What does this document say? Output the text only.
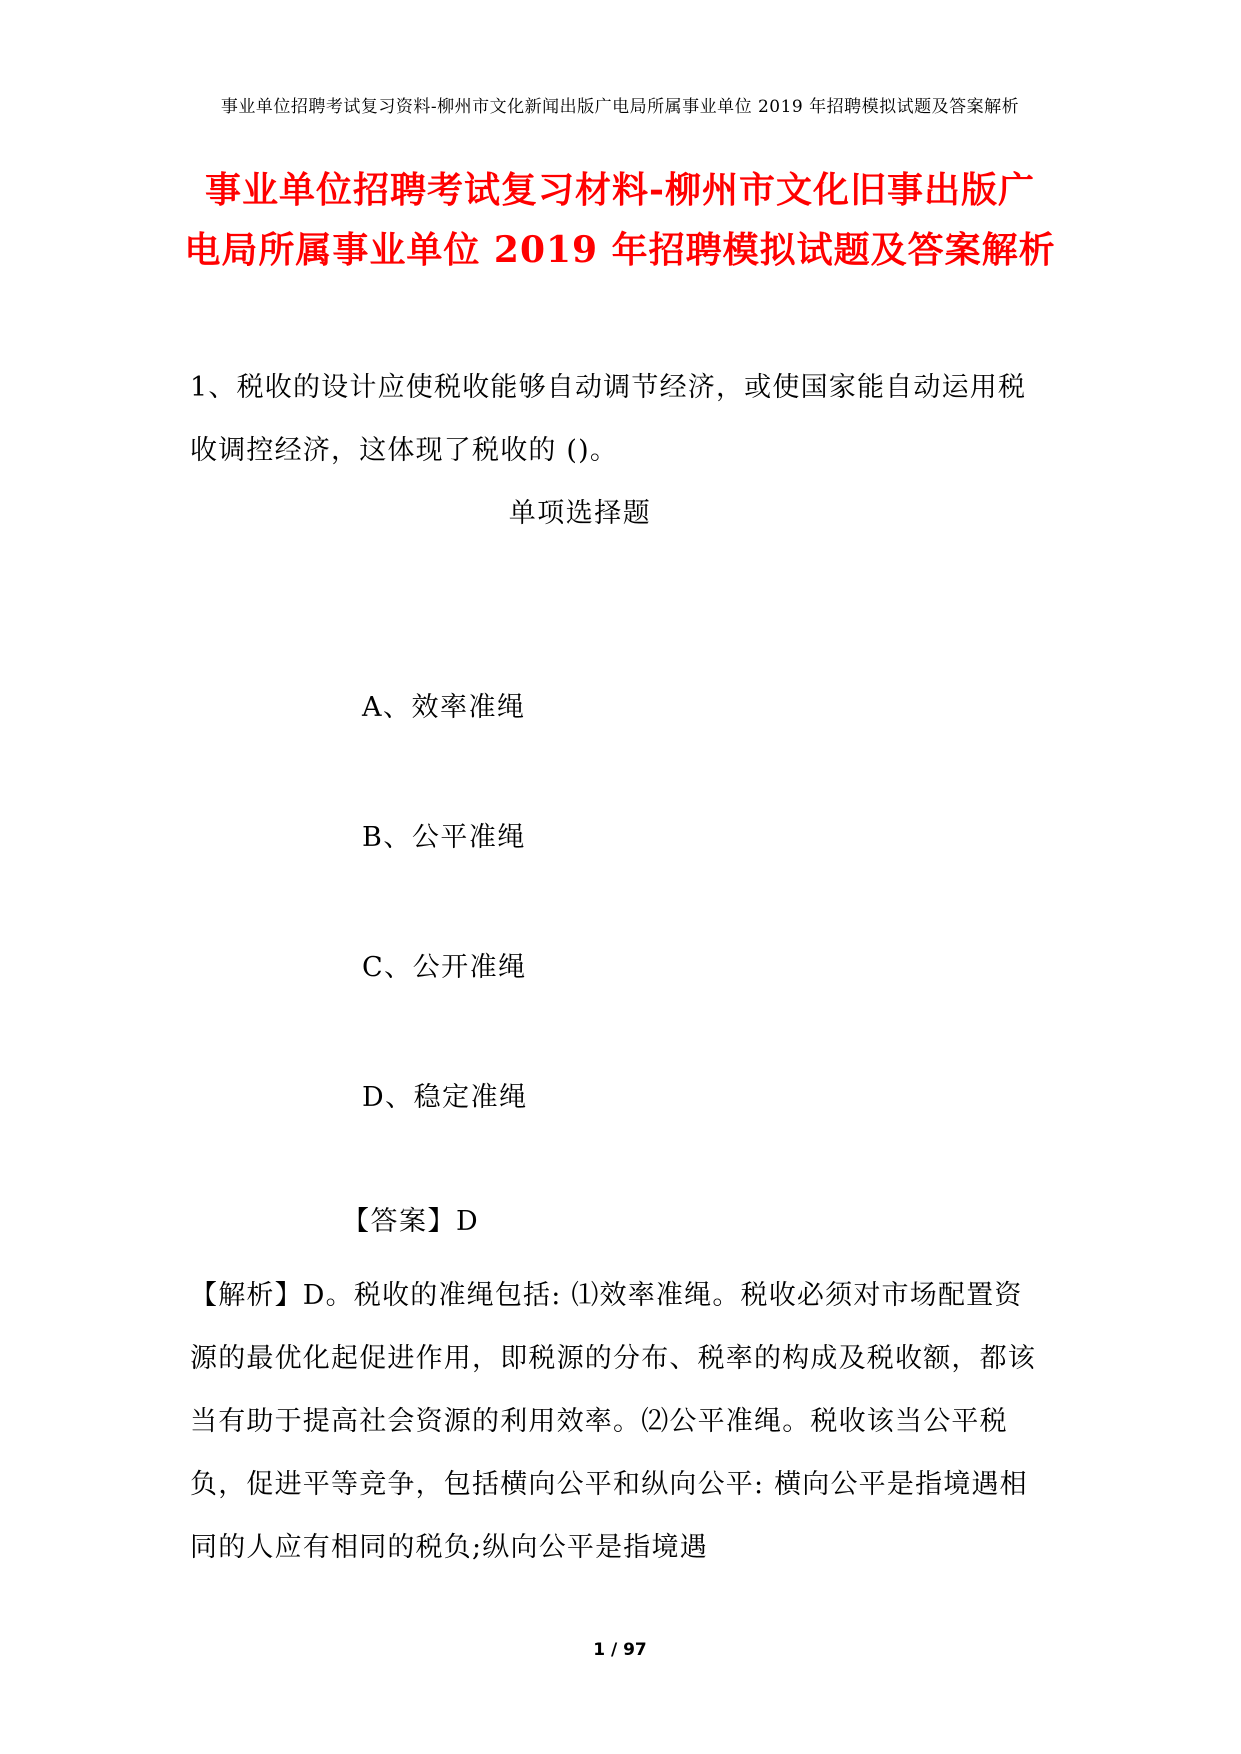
事业单位招聘考试复习资料-柳州市文化新闻出版广电局所属事业单位 2019 年招聘模拟试题及答案解析
事业单位招聘考试复习材料-柳州市文化旧事出版广
电局所属事业单位 2019 年招聘模拟试题及答案解析
1、税收的设计应使税收能够自动调节经济，或使国家能自动运用税收调控经济，这体现了税收的 ()。
单项选择题
A、效率准绳
B、公平准绳
C、公开准绳
D、稳定准绳
【答案】D
【解析】D。税收的准绳包括: ⑴效率准绳。税收必须对市场配置资源的最优化起促进作用，即税源的分布、税率的构成及税收额，都该当有助于提高社会资源的利用效率。⑵公平准绳。税收该当公平税负，促进平等竞争，包括横向公平和纵向公平: 横向公平是指境遇相同的人应有相同的税负;纵向公平是指境遇
1 / 97
